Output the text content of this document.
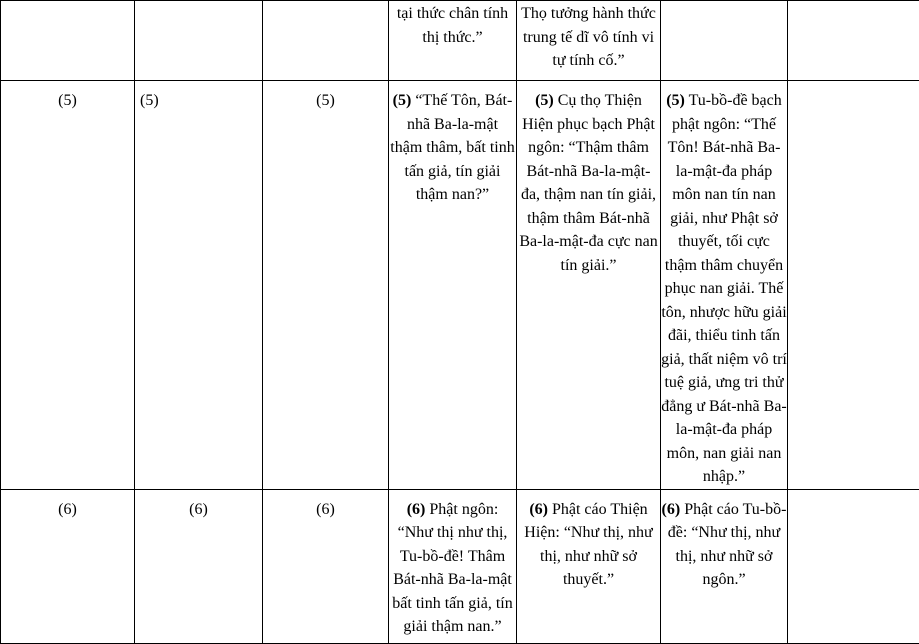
			tại thức chân tính thị thức.”	Thọ tưởng hành thức trung tế dĩ vô tính vi tự tính cố.”		
(5)	(5)	(5)	(5) “Thế Tôn, Bát-nhã Ba-la-mật thậm thâm, bất tinh tấn giả, tín giải thậm nan?”	(5) Cụ thọ Thiện Hiện phục bạch Phật ngôn: “Thậm thâm Bát-nhã Ba-la-mật-đa, thậm nan tín giải, thậm thâm Bát-nhã Ba-la-mật-đa cực nan tín giải.”	(5) Tu-bồ-đề bạch phật ngôn: “Thế Tôn! Bát-nhã Ba-la-mật-đa pháp môn nan tín nan giải, như Phật sở thuyết, tối cực thậm thâm chuyển phục nan giải. Thế tôn, nhược hữu giải đãi, thiểu tinh tấn giả, thất niệm vô trí tuệ giả, ưng tri thử đẳng ư Bát-nhã Ba-la-mật-đa pháp môn, nan giải nan nhập.”	
(6)	(6)	(6)	(6) Phật ngôn: “Như thị như thị, Tu-bồ-đề! Thâm Bát-nhã Ba-la-mật bất tinh tấn giả, tín giải thậm nan.”	(6) Phật cáo Thiện Hiện: “Như thị, như thị, như nhữ sở thuyết.”	(6) Phật cáo Tu-bồ-đề: “Như thị, như thị, như nhữ sở ngôn.”	
